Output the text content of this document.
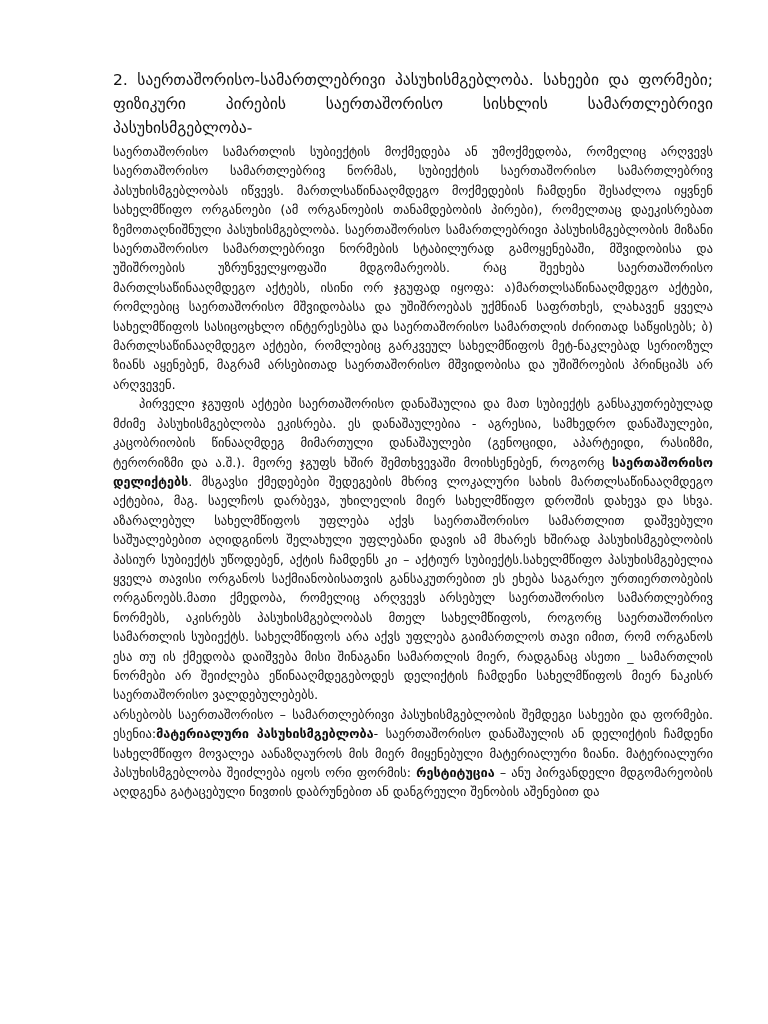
2. საერთაშორისო-სამართლებრივი პასუხისმგებლობა. სახეები და ფორმები; ფიზიკური პირების საერთაშორისო სისხლის სამართლებრივი პასუხისმგებლობა-

საერთაშორისო სამართლის სუბიექტის მოქმედება ან უმოქმედობა, რომელიც არღვევს საერთაშორისო სამართლებრივ ნორმას, სუბიექტის საერთაშორისო სამართლებრივ პასუხისმგებლობას იწვევს. მართლსაწინააღმდეგო მოქმედების ჩამდენი შესაძლოა იყვნენ სახელმწიფო ორგანოები (ამ ორგანოების თანამდებობის პირები), რომელთაც დაეკისრებათ ზემოთაღნიშნული პასუხისმგებლობა. საერთაშორისო სამართლებრივი პასუხისმგებლობის მიზანი საერთაშორისო სამართლებრივი ნორმების სტაბილურად გამოყენებაში, მშვიდობისა და უშიშროების უზრუნველყოფაში მდგომარეობს. რაც შეეხება საერთაშორისო მართლსაწინააღმდეგო აქტებს, ისინი ორ ჯგუფად იყოფა: ა)მართლსაწინააღმდეგო აქტები, რომლებიც საერთაშორისო მშვიდობასა და უშიშროებას უქმნიან საფრთხეს, ლახავენ ყველა სახელმწიფოს სასიცოცხლო ინტერესებსა და საერთაშორისო სამართლის ძირითად საწყისებს; ბ) მართლსაწინააღმდეგო აქტები, რომლებიც გარკვეულ სახელმწიფოს მეტ-ნაკლებად სერიოზულ ზიანს აყენებენ, მაგრამ არსებითად საერთაშორისო მშვიდობისა და უშიშროების პრინციპს არ არღვევენ.

პირველი ჯგუფის აქტები საერთაშორისო დანაშაულია და მათ სუბიექტს განსაკუთრებულად მძიმე პასუხისმგებლობა ეკისრება. ეს დანაშაულებია - აგრესია, სამხედრო დანაშაულები, კაცობრიობის წინააღმდეგ მიმართული დანაშაულები (გენოციდი, აპარტეიდი, რასიზმი, ტერორიზმი და ა.შ.). მეორე ჯგუფს ხშირ შემთხვევაში მოიხსენებენ, როგორც საერთაშორისო დელიქტებს. მსგავსი ქმედებები შედეგების მხრივ ლოკალური სახის მართლსაწინააღმდეგო აქტებია, მაგ. საელჩოს დარბევა, უხილელის მიერ სახელმწიფო დროშის დახევა და სხვა. აზარალებულ სახელმწიფოს უფლება აქვს საერთაშორისო სამართლით დაშვებული საშუალებებით აღიდგინოს შელახული უფლებანი დავის ამ მხარეს ხშირად პასუხისმგებლობის პასიურ სუბიექტს უწოდებენ, აქტის ჩამდენს კი – აქტიურ სუბიექტს.სახელმწიფო პასუხისმგებელია ყველა თავისი ორგანოს საქმიანობისათვის განსაკუთრებით ეს ეხება საგარეო ურთიერთობების ორგანოებს.მათი ქმედობა, რომელიც არღვევს არსებულ საერთაშორისო სამართლებრივ ნორმებს, აკისრებს პასუხისმგებლობას მთელ სახელმწიფოს, როგორც საერთაშორისო სამართლის სუბიექტს. სახელმწიფოს არა აქვს უფლება გაიმართლოს თავი იმით, რომ ორგანოს ესა თუ ის ქმედობა დაიშვება მისი შინაგანი სამართლის მიერ, რადგანაც ასეთი _ სამართლის ნორმები არ შეიძლება ეწინააღმდეგებოდეს დელიქტის ჩამდენი სახელმწიფოს მიერ ნაკისრ საერთაშორისო ვალდებულებებს.

არსებობს საერთაშორისო – სამართლებრივი პასუხისმგებლობის შემდეგი სახეები და ფორმები. ესენია:მატერიალური პასუხისმგებლობა- საერთაშორისო დანაშაულის ან დელიქტის ჩამდენი სახელმწიფო მოვალეა აანაზღაუროს მის მიერ მიყენებული მატერიალური ზიანი. მატერიალური პასუხისმგებლობა შეიძლება იყოს ორი ფორმის: რესტიტუცია – ანუ პირვანდელი მდგომარეობის აღდგენა გატაცებული ნივთის დაბრუნებით ან დანგრეული შენობის აშენებით და
